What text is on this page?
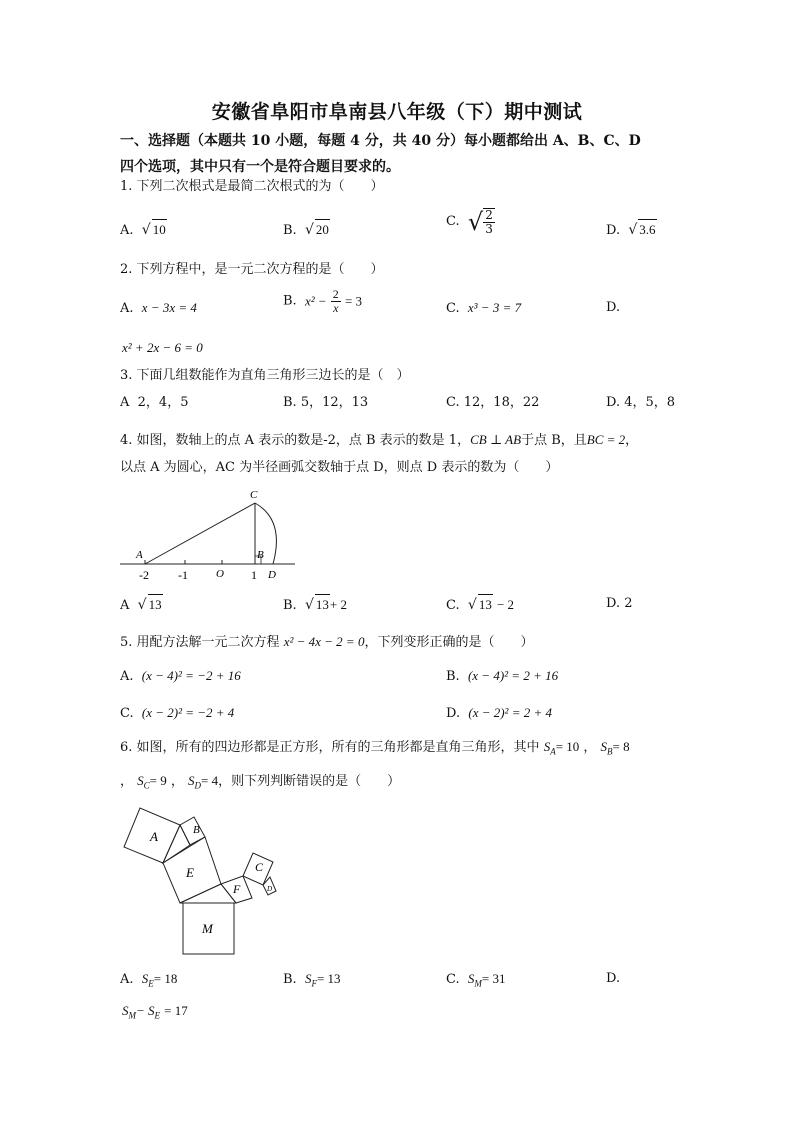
安徽省阜阳市阜南县八年级（下）期中测试
一、选择题（本题共 10 小题，每题 4 分，共 40 分）每小题都给出 A、B、C、D
四个选项，其中只有一个是符合题目要求的。
1. 下列二次根式是最简二次根式的为（　　）
A. √ 10	B. √ 20
C. √ $\frac{2}{3}$	D. √ 3.6
2. 下列方程中，是一元二次方程的是（　　）
A. x − 3x = 4	B. $x^2 - \frac{2}{x} = 3$	C. x³ − 3 = 7	D.
x² + 2x − 6 = 0
3. 下面几组数能作为直角三角形三边长的是（　）
A 2，4，5	B. 5，12，13	C. 12，18，22	D. 4，5，8
4. 如图，数轴上的点 A 表示的数是-2，点 B 表示的数是 1，CB ⊥ AB于点 B，且BC = 2，
以点 A 为圆心，AC 为半径画弧交数轴于点 D，则点 D 表示的数为（　　）
A
C
B
D
O
-2 -1	1
A √ 13	B. √ 13+ 2	C. √ 13 − 2	D. 2
5. 用配方法解一元二次方程 x² − 4x − 2 = 0，下列变形正确的是（　　）
A. (x − 4)² = −2 + 16	B. (x − 4)² = 2 + 16
C. (x − 2)² = −2 + 4	D. (x − 2)² = 2 + 4
6. 如图，所有的四边形都是正方形，所有的三角形都是直角三角形，其中 $S_A= 10$ ， $S_B= 8$
， $S_C= 9$ ， $S_D= 4$，则下列判断错误的是（　　）
A	B
E
F
C
D
M
A. $S_E= 18$	B. $S_F= 13$	C. $S_M= 31$	D.
$S_M- S_E = 17$
